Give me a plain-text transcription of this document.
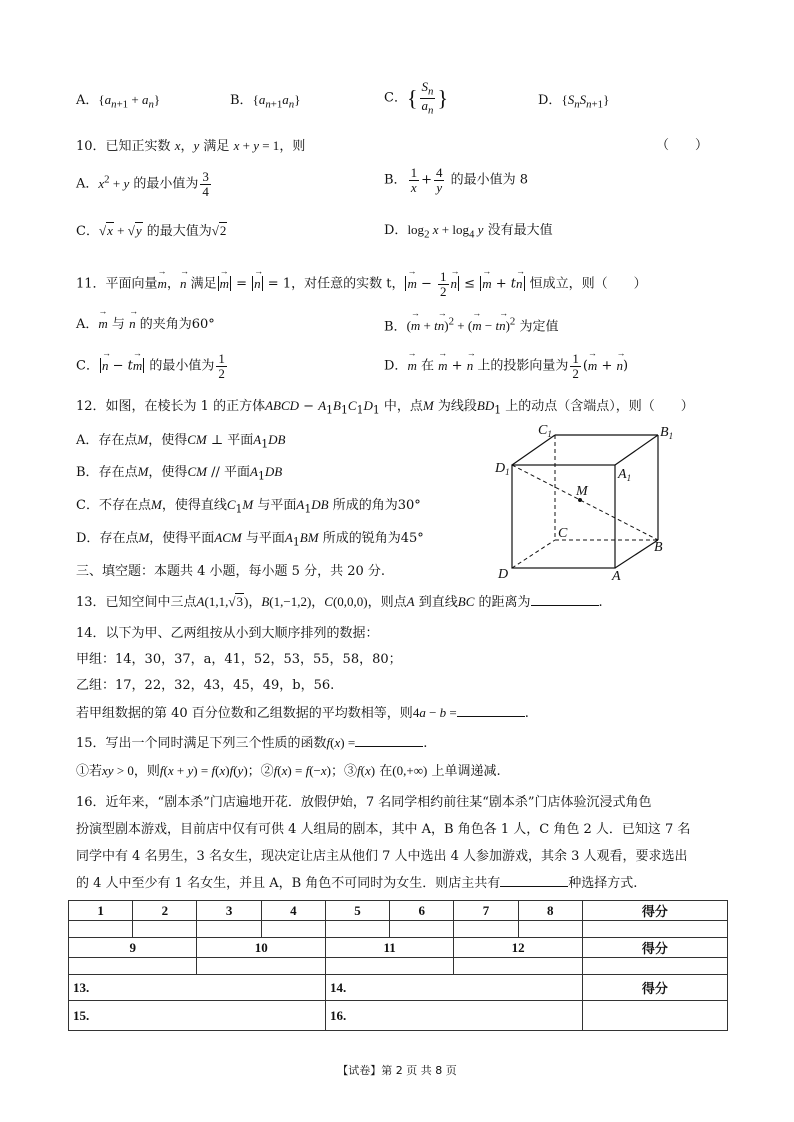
A．$\{a_{n+1} + a_n\}$	B．$\{a_{n+1}a_n\}$	C．{ $\frac{S_n}{a_n}$ }	D．$\{S_nS_{n+1}\}$
10．已知正实数 x，y 满足 x + y = 1，则	（　　）
A．$x^2 + y$ 的最小值为 $\frac{3}{4}$	B． $\frac{1}{x} + \frac{4}{y}$ 的最小值为 8
C．√x + √y 的最大值为√2	D．$\log_2 x + \log_4 y$ 没有最大值
11．平面向量→ m，→ n 满足 → m = → n = 1，对任意的实数 t， → $m - \frac{1}{2} \to n$ ≤ → m + t→ n 恒成立，则（　　）
A．→ m 与 → n 的夹角为60°	B．(→ m + t→ n)$^2$ + (→ m − t→ n)$^2$ 为定值
C． → n − t→ m 的最小值为 $\frac{1}{2}$	D．→ m 在 → m + → n 上的投影向量为 $\frac{1}{2}$ (→ m + → n)
12．如图，在棱长为 1 的正方体ABCD − $A_1B_1C_1D_1$ 中，点M 为线段$BD_1$ 上的动点（含端点），则（　　）
A．存在点M，使得CM ⊥ 平面$A_1DB$
B．存在点M，使得CM // 平面$A_1DB$
C．不存在点M，使得直线$C_1M$ 与平面$A_1DB$ 所成的角为30°
D．存在点M，使得平面ACM 与平面$A_1BM$ 所成的锐角为45°
$C_1$	$B_1$
$D_1$	$A_1$
M
C
B
D	A
三、填空题：本题共 4 小题，每小题 5 分，共 20 分.
13．已知空间中三点A(1,1,√3)，B(1,−1,2)，C(0,0,0)，则点A 到直线BC 的距离为	.
14．以下为甲、乙两组按从小到大顺序排列的数据：
甲组：14，30，37，a，41，52，53，55，58，80；
乙组：17，22，32，43，45，49，b，56.
若甲组数据的第 40 百分位数和乙组数据的平均数相等，则4a − b =	.
15．写出一个同时满足下列三个性质的函数f(x) =	.
①若xy > 0，则f(x + y) = f(x)f(y)；②f(x) = f(−x)；③f(x) 在(0,+∞) 上单调递减.
16．近年来，“剧本杀”门店遍地开花．放假伊始，7 名同学相约前往某“剧本杀”门店体验沉浸式角色
扮演型剧本游戏，目前店中仅有可供 4 人组局的剧本，其中 A，B 角色各 1 人，C 角色 2 人．已知这 7 名
同学中有 4 名男生，3 名女生，现决定让店主从他们 7 人中选出 4 人参加游戏，其余 3 人观看，要求选出
的 4 人中至少有 1 名女生，并且 A，B 角色不可同时为女生．则店主共有	种选择方式.
1	2	3	4	5	6	7	8	得分

9		10		11		12		得分

13.				14.				得分
15.				16.				
【试卷】第 2 页 共 8 页
